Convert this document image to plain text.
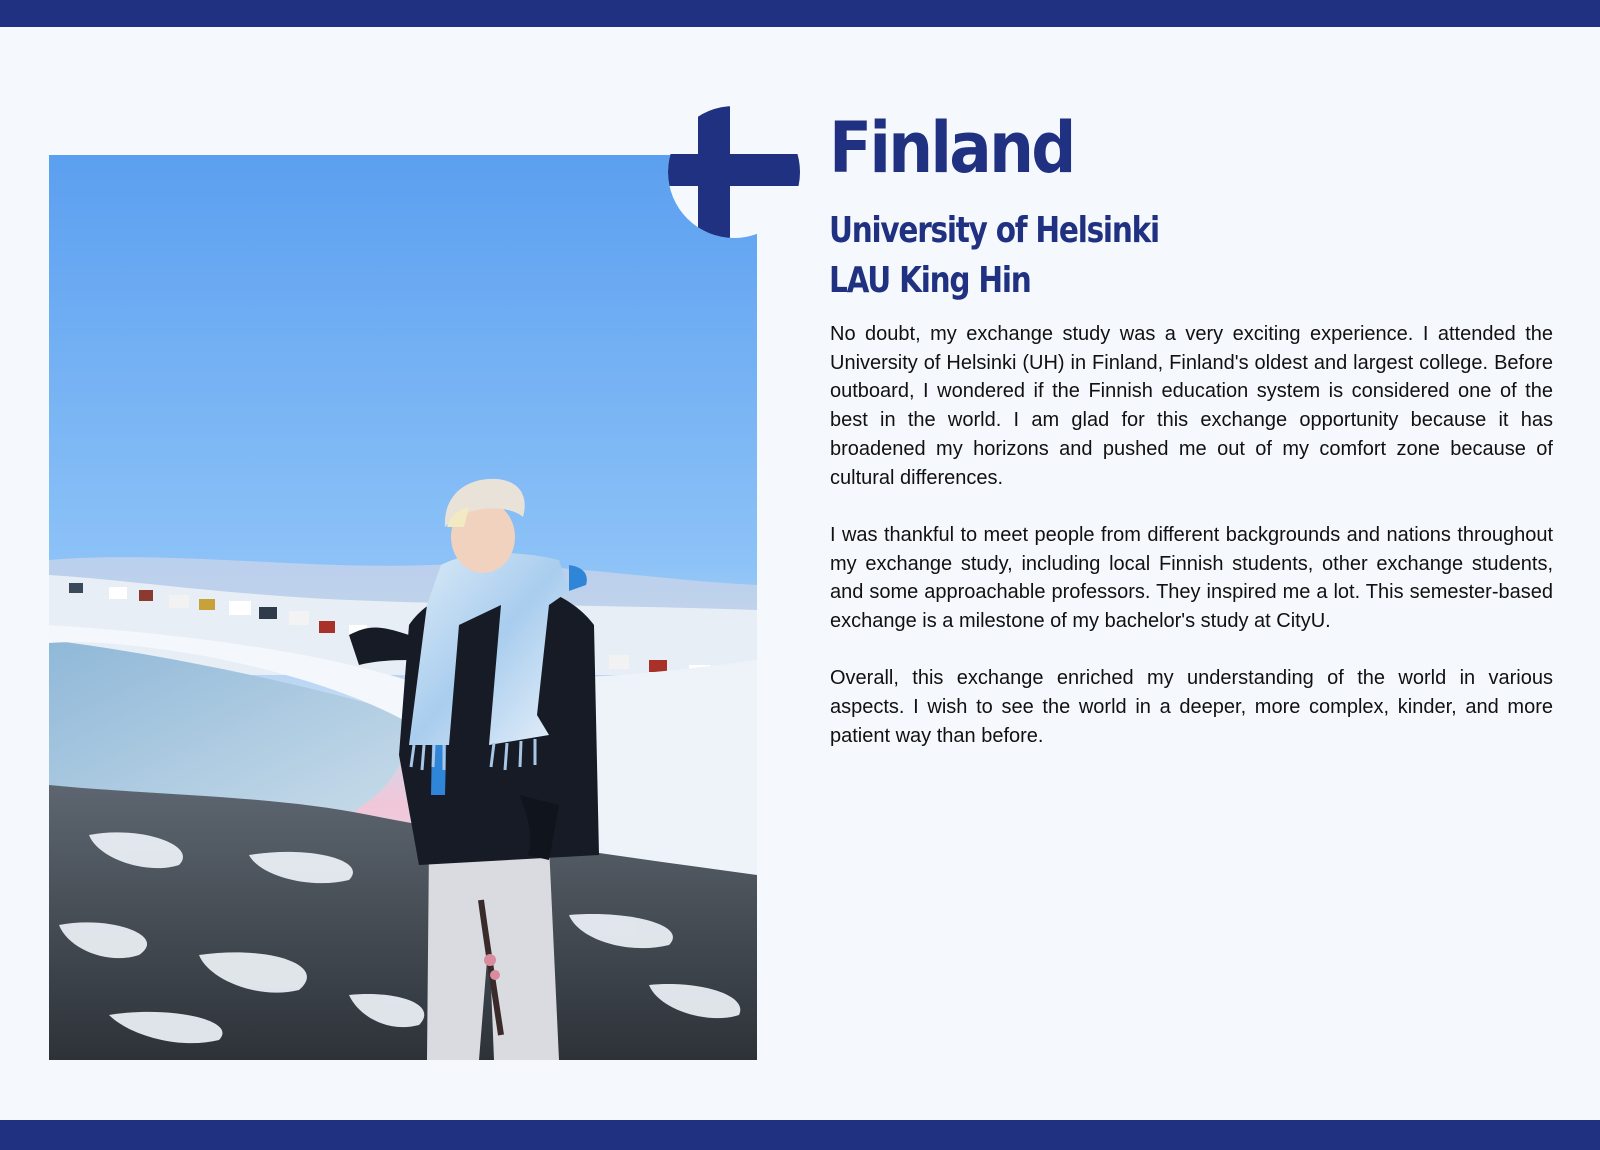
Finland
University of Helsinki
LAU King Hin

No doubt, my exchange study was a very exciting experience. I attended the University of Helsinki (UH) in Finland, Finland's oldest and largest college. Before outboard, I wondered if the Finnish education system is considered one of the best in the world. I am glad for this exchange opportunity because it has broadened my horizons and pushed me out of my comfort zone because of cultural differences.

I was thankful to meet people from different backgrounds and nations throughout my exchange study, including local Finnish students, other exchange students, and some approachable professors. They inspired me a lot. This semester-based exchange is a milestone of my bachelor's study at CityU.

Overall, this exchange enriched my understanding of the world in various aspects. I wish to see the world in a deeper, more complex, kinder, and more patient way than before.
